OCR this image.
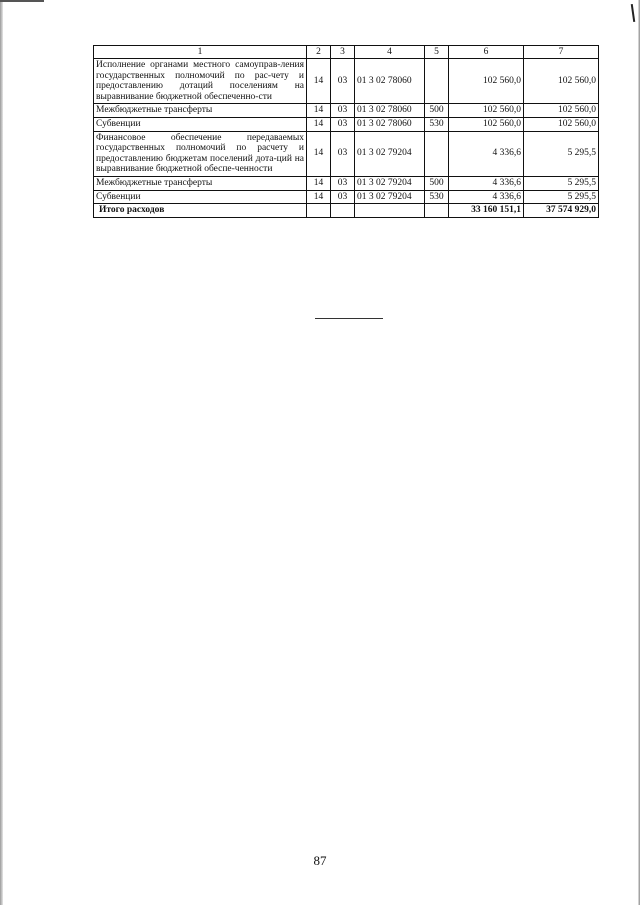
1	2	3	4	5	6	7
Исполнение органами местного самоуправ-ления государственных полномочий по рас-чету и предоставлению дотаций поселениям на выравнивание бюджетной обеспеченно-сти	14	03	01 3 02 78060		102 560,0	102 560,0
Межбюджетные трансферты	14	03	01 3 02 78060	500	102 560,0	102 560,0
Субвенции	14	03	01 3 02 78060	530	102 560,0	102 560,0
Финансовое обеспечение передаваемых государственных полномочий по расчету и предоставлению бюджетам поселений дота-ций на выравнивание бюджетной обеспе-ченности	14	03	01 3 02 79204		4 336,6	5 295,5
Межбюджетные трансферты	14	03	01 3 02 79204	500	4 336,6	5 295,5
Субвенции	14	03	01 3 02 79204	530	4 336,6	5 295,5
Итого расходов					33 160 151,1	37 574 929,0
87
